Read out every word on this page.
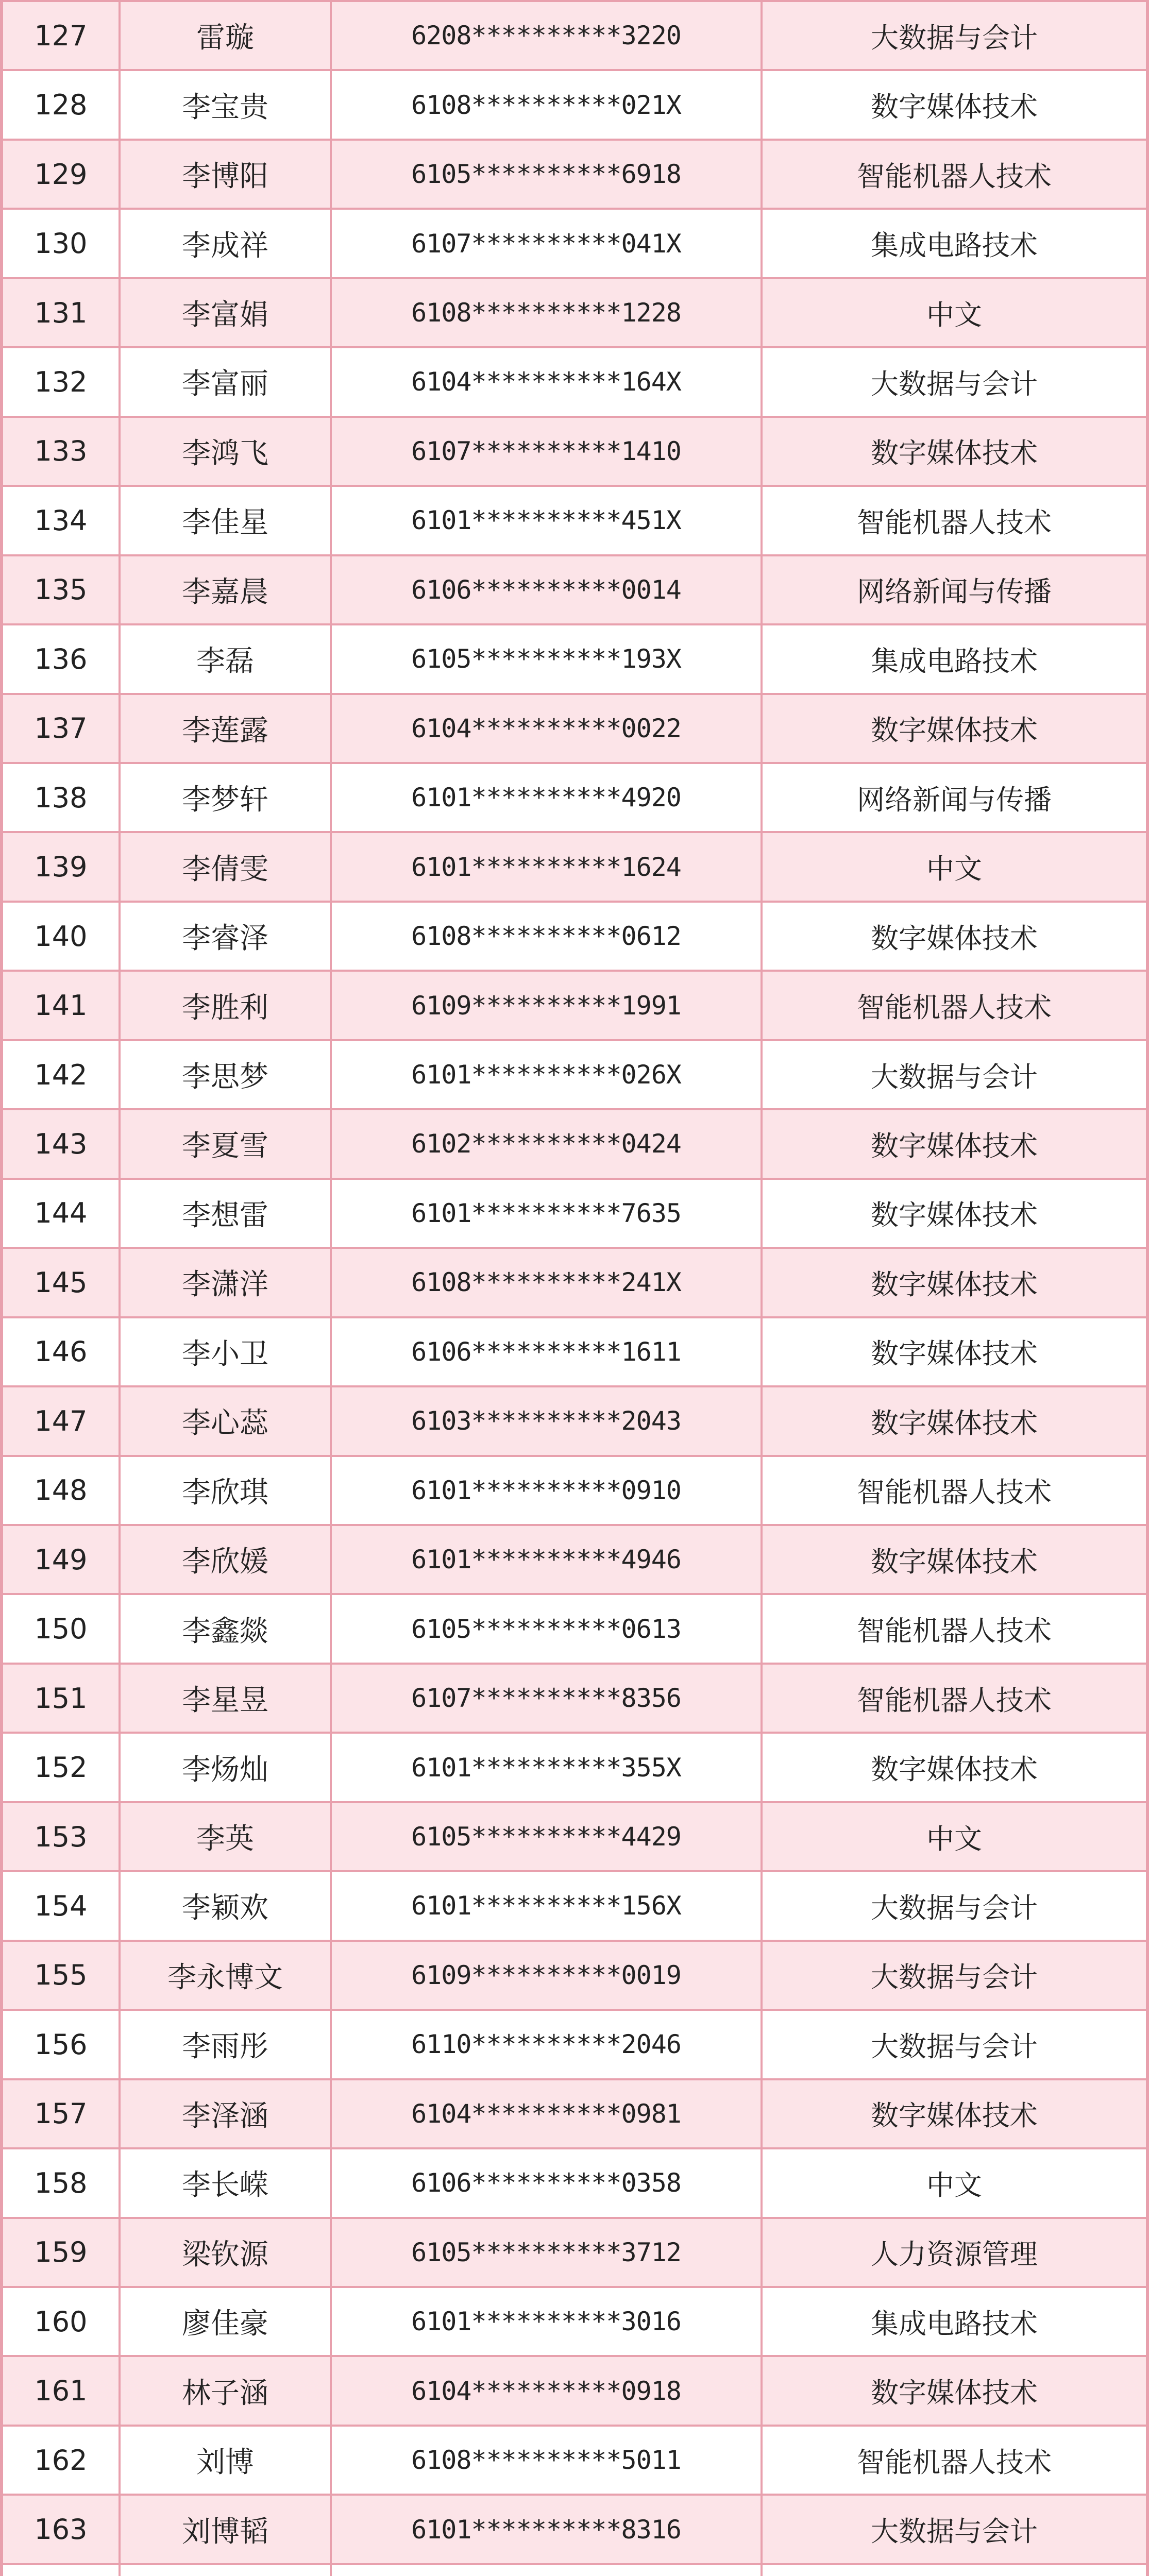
127	雷璇	6208**********3220	大数据与会计
128	李宝贵	6108**********021X	数字媒体技术
129	李博阳	6105**********6918	智能机器人技术
130	李成祥	6107**********041X	集成电路技术
131	李富娟	6108**********1228	中文
132	李富丽	6104**********164X	大数据与会计
133	李鸿飞	6107**********1410	数字媒体技术
134	李佳星	6101**********451X	智能机器人技术
135	李嘉晨	6106**********0014	网络新闻与传播
136	李磊	6105**********193X	集成电路技术
137	李莲露	6104**********0022	数字媒体技术
138	李梦轩	6101**********4920	网络新闻与传播
139	李倩雯	6101**********1624	中文
140	李睿泽	6108**********0612	数字媒体技术
141	李胜利	6109**********1991	智能机器人技术
142	李思梦	6101**********026X	大数据与会计
143	李夏雪	6102**********0424	数字媒体技术
144	李想雷	6101**********7635	数字媒体技术
145	李潇洋	6108**********241X	数字媒体技术
146	李小卫	6106**********1611	数字媒体技术
147	李心蕊	6103**********2043	数字媒体技术
148	李欣琪	6101**********0910	智能机器人技术
149	李欣媛	6101**********4946	数字媒体技术
150	李鑫燚	6105**********0613	智能机器人技术
151	李星昱	6107**********8356	智能机器人技术
152	李炀灿	6101**********355X	数字媒体技术
153	李英	6105**********4429	中文
154	李颖欢	6101**********156X	大数据与会计
155	李永博文	6109**********0019	大数据与会计
156	李雨彤	6110**********2046	大数据与会计
157	李泽涵	6104**********0981	数字媒体技术
158	李长嵘	6106**********0358	中文
159	梁钦源	6105**********3712	人力资源管理
160	廖佳豪	6101**********3016	集成电路技术
161	林子涵	6104**********0918	数字媒体技术
162	刘博	6108**********5011	智能机器人技术
163	刘博韬	6101**********8316	大数据与会计
